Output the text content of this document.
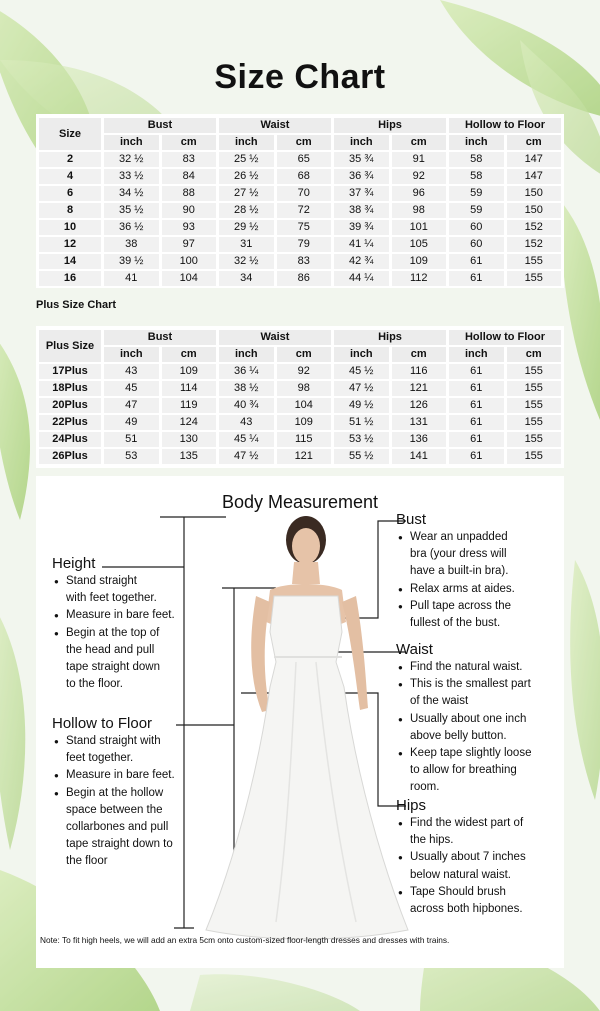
Size Chart
Size	Bust		Waist		Hips		Hollow to Floor	
	inch	cm	inch	cm	inch	cm	inch	cm
2	32 ½	83	25 ½	65	35 ¾	91	58	147
4	33 ½	84	26 ½	68	36 ¾	92	58	147
6	34 ½	88	27 ½	70	37 ¾	96	59	150
8	35 ½	90	28 ½	72	38 ¾	98	59	150
10	36 ½	93	29 ½	75	39 ¾	101	60	152
12	38	97	31	79	41 ¼	105	60	152
14	39 ½	100	32 ½	83	42 ¾	109	61	155
16	41	104	34	86	44 ¼	112	61	155
Plus Size Chart
Plus Size	Bust		Waist		Hips		Hollow to Floor	
	inch	cm	inch	cm	inch	cm	inch	cm
17Plus	43	109	36 ¼	92	45 ½	116	61	155
18Plus	45	114	38 ½	98	47 ½	121	61	155
20Plus	47	119	40 ¾	104	49 ½	126	61	155
22Plus	49	124	43	109	51 ½	131	61	155
24Plus	51	130	45 ¼	115	53 ½	136	61	155
26Plus	53	135	47 ½	121	55 ½	141	61	155
Body Measurement
Height
● Stand straight
with feet together.
● Measure in bare feet.
● Begin at the top of
the head and pull
tape straight down
to the floor.
Hollow to Floor
● Stand straight with
feet together.
● Measure in bare feet.
● Begin at the hollow
space between the
collarbones and pull
tape straight down to
the floor
Bust
● Wear an unpadded
bra (your dress will
have a built-in bra).
● Relax arms at aides.
● Pull tape across the
fullest of the bust.
Waist
● Find the natural waist.
● This is the smallest part
of the waist
● Usually about one inch
above belly button.
● Keep tape slightly loose
to allow for breathing
room.
Hips
● Find the widest part of
the hips.
● Usually about 7 inches
below natural waist.
● Tape Should brush
across both hipbones.
Note: To fit high heels, we will add an extra 5cm onto custom-sized floor-length dresses and dresses with trains.
